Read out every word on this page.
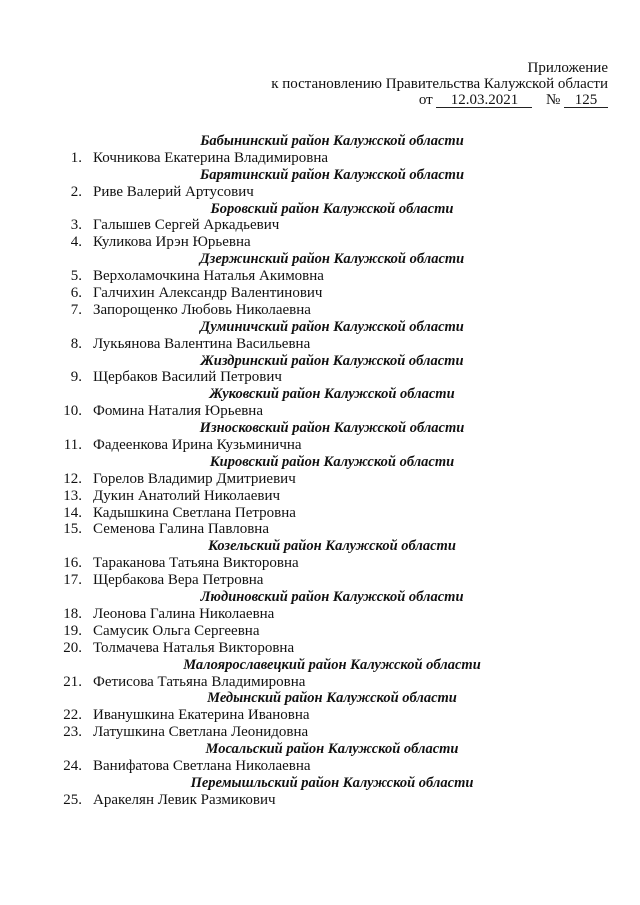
Приложение
к постановлению Правительства Калужской области
от 12.03.2021 № 125
Бабынинский район Калужской области
1. Кочникова Екатерина Владимировна
Барятинский район Калужской области
2. Риве Валерий Артусович
Боровский район Калужской области
3. Галышев Сергей Аркадьевич
4. Куликова Ирэн Юрьевна
Дзержинский район Калужской области
5. Верхоламочкина Наталья Акимовна
6. Галчихин Александр Валентинович
7. Запорощенко Любовь Николаевна
Думиничский район Калужской области
8. Лукьянова Валентина Васильевна
Жиздринский район Калужской области
9. Щербаков Василий Петрович
Жуковский район Калужской области
10. Фомина Наталия Юрьевна
Износковский район Калужской области
11. Фадеенкова Ирина Кузьминична
Кировский район Калужской области
12. Горелов Владимир Дмитриевич
13. Дукин Анатолий Николаевич
14. Кадышкина Светлана Петровна
15. Семенова Галина Павловна
Козельский район Калужской области
16. Тараканова Татьяна Викторовна
17. Щербакова Вера Петровна
Людиновский район Калужской области
18. Леонова Галина Николаевна
19. Самусик Ольга Сергеевна
20. Толмачева Наталья Викторовна
Малоярославецкий район Калужской области
21. Фетисова Татьяна Владимировна
Медынский район Калужской области
22. Иванушкина Екатерина Ивановна
23. Латушкина Светлана Леонидовна
Мосальский район Калужской области
24. Ванифатова Светлана Николаевна
Перемышльский район Калужской области
25. Аракелян Левик Размикович
